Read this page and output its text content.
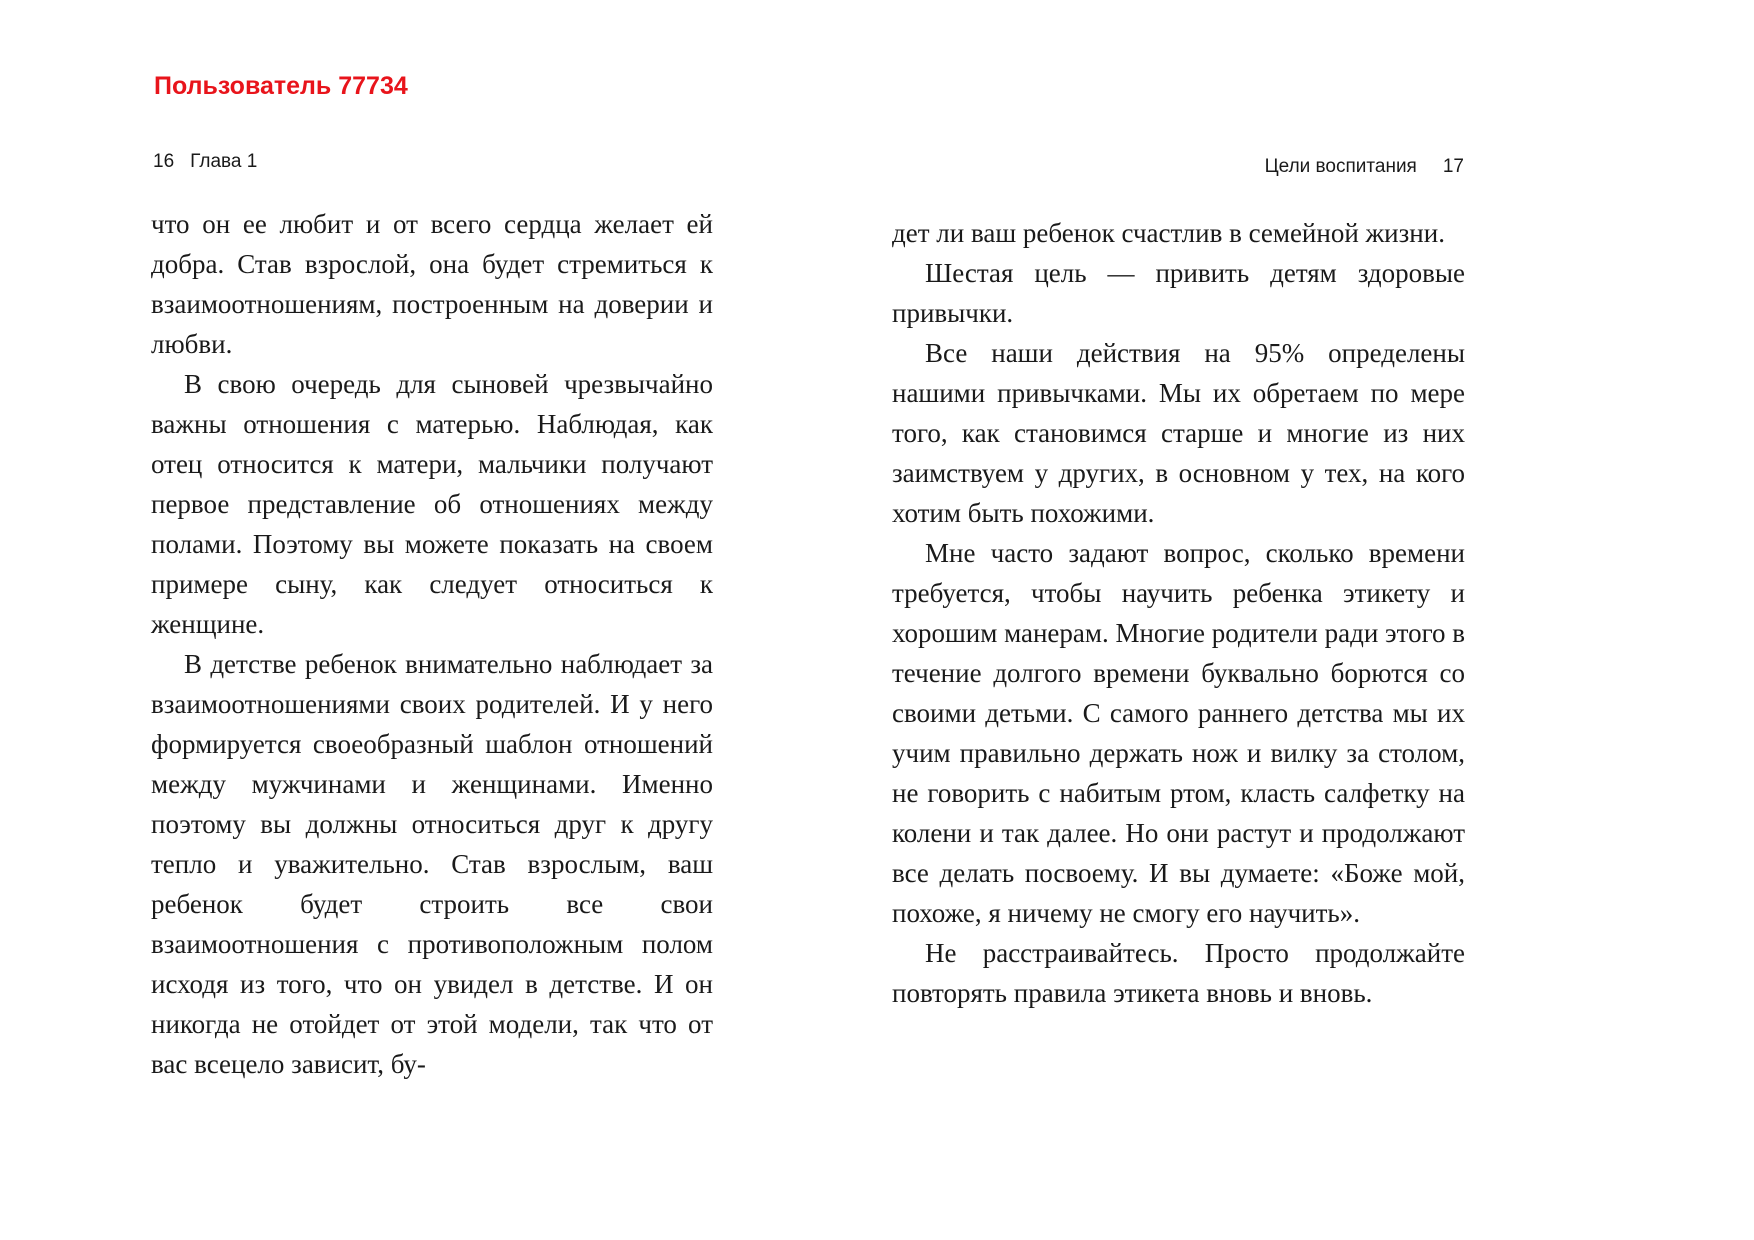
Пользователь 77734
16 Глава 1	Цели воспитания 17

что он ее любит и от всего сердца желает ей добра. Став взрослой, она будет стремиться к взаимоотношениям, построенным на доверии и любви.

В свою очередь для сыновей чрезвычайно важны отношения с матерью. Наблюдая, как отец относится к матери, мальчики получают первое представление об отношениях между полами. Поэтому вы можете показать на своем примере сыну, как следует относиться к женщине.

В детстве ребенок внимательно наблюдает за взаимоотношениями своих родителей. И у него формируется своеобразный шаблон отношений между мужчинами и женщинами. Именно поэтому вы должны относиться друг к другу тепло и уважительно. Став взрослым, ваш ребенок будет строить все свои взаимоотношения с противоположным полом исходя из того, что он увидел в детстве. И он никогда не отойдет от этой модели, так что от вас всецело зависит, бу-

дет ли ваш ребенок счастлив в семейной жизни.

Шестая цель — привить детям здоровые привычки.

Все наши действия на 95% определены нашими привычками. Мы их обретаем по мере того, как становимся старше и многие из них заимствуем у других, в основном у тех, на кого хотим быть похожими.

Мне часто задают вопрос, сколько времени требуется, чтобы научить ребенка этикету и хорошим манерам. Многие родители ради этого в течение долгого времени буквально борются со своими детьми. С самого раннего детства мы их учим правильно держать нож и вилку за столом, не говорить с набитым ртом, класть салфетку на колени и так далее. Но они растут и продолжают все делать посвоему. И вы думаете: «Боже мой, похоже, я ничему не смогу его научить».

Не расстраивайтесь. Просто продолжайте повторять правила этикета вновь и вновь.
